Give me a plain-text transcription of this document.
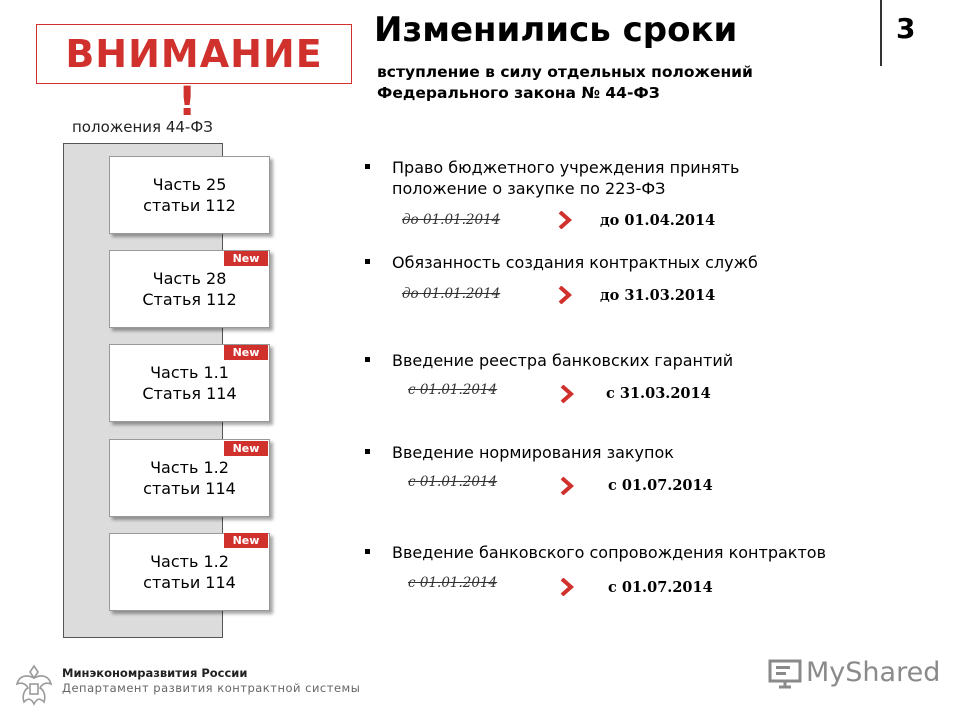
ВНИМАНИЕ
!
Изменились сроки
вступление в силу отдельных положений
Федерального закона № 44-ФЗ
3
положения 44-ФЗ
Часть 25
статьи 112
Часть 28
Статья 112
New
Часть 1.1
Статья 114
New
Часть 1.2
статьи 114
New
Часть 1.2
статьи 114
New
Право бюджетного учреждения принять
положение о закупке по 223-ФЗ
до 01.01.2014	до 01.04.2014
Обязанность создания контрактных служб
до 01.01.2014	до 31.03.2014
Введение реестра банковских гарантий
с 01.01.2014	с 31.03.2014
Введение нормирования закупок
с 01.01.2014	с 01.07.2014
Введение банковского сопровождения контрактов
с 01.01.2014	с 01.07.2014
Минэкономразвития России
Департамент развития контрактной системы	MyShared
